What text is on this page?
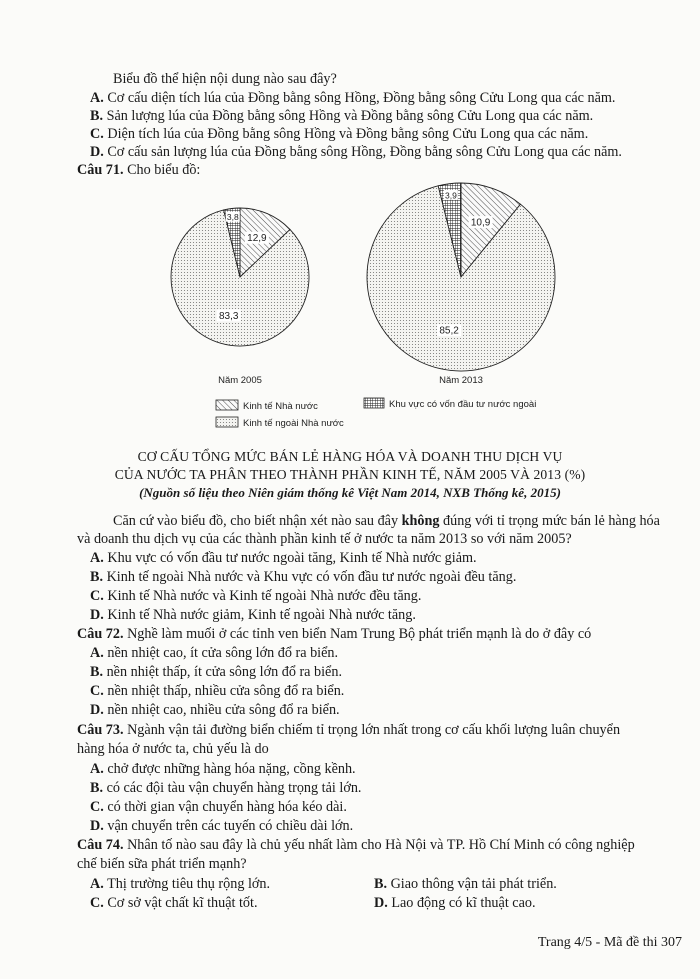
Biểu đồ thể hiện nội dung nào sau đây?
A. Cơ cấu diện tích lúa của Đồng bằng sông Hồng, Đồng bằng sông Cửu Long qua các năm.
B. Sản lượng lúa của Đồng bằng sông Hồng và Đồng bằng sông Cửu Long qua các năm.
C. Diện tích lúa của Đồng bằng sông Hồng và Đồng bằng sông Cửu Long qua các năm.
D. Cơ cấu sản lượng lúa của Đồng bằng sông Hồng, Đồng bằng sông Cửu Long qua các năm.
Câu 71. Cho biểu đồ:
12,9
83,3
3,8
Năm 2005
10,9
85,2
3,9
Năm 2013
Kinh tế Nhà nước	Khu vực có vốn đầu tư nước ngoài
Kinh tế ngoài Nhà nước
CƠ CẤU TỔNG MỨC BÁN LẺ HÀNG HÓA VÀ DOANH THU DỊCH VỤ
CỦA NƯỚC TA PHÂN THEO THÀNH PHẦN KINH TẾ, NĂM 2005 VÀ 2013 (%)
(Nguồn số liệu theo Niên giám thống kê Việt Nam 2014, NXB Thống kê, 2015)
Căn cứ vào biểu đồ, cho biết nhận xét nào sau đây không đúng với tỉ trọng mức bán lẻ hàng hóa
và doanh thu dịch vụ của các thành phần kinh tế ở nước ta năm 2013 so với năm 2005?
A. Khu vực có vốn đầu tư nước ngoài tăng, Kinh tế Nhà nước giảm.
B. Kinh tế ngoài Nhà nước và Khu vực có vốn đầu tư nước ngoài đều tăng.
C. Kinh tế Nhà nước và Kinh tế ngoài Nhà nước đều tăng.
D. Kinh tế Nhà nước giảm, Kinh tế ngoài Nhà nước tăng.
Câu 72. Nghề làm muối ở các tỉnh ven biển Nam Trung Bộ phát triển mạnh là do ở đây có
A. nền nhiệt cao, ít cửa sông lớn đổ ra biển.
B. nền nhiệt thấp, ít cửa sông lớn đổ ra biển.
C. nền nhiệt thấp, nhiều cửa sông đổ ra biển.
D. nền nhiệt cao, nhiều cửa sông đổ ra biển.
Câu 73. Ngành vận tải đường biển chiếm tỉ trọng lớn nhất trong cơ cấu khối lượng luân chuyển
hàng hóa ở nước ta, chủ yếu là do
A. chở được những hàng hóa nặng, cồng kềnh.
B. có các đội tàu vận chuyển hàng trọng tải lớn.
C. có thời gian vận chuyển hàng hóa kéo dài.
D. vận chuyển trên các tuyến có chiều dài lớn.
Câu 74. Nhân tố nào sau đây là chủ yếu nhất làm cho Hà Nội và TP. Hồ Chí Minh có công nghiệp
chế biến sữa phát triển mạnh?
A. Thị trường tiêu thụ rộng lớn.	B. Giao thông vận tải phát triển.
C. Cơ sở vật chất kĩ thuật tốt.	D. Lao động có kĩ thuật cao.
Trang 4/5 - Mã đề thi 307
